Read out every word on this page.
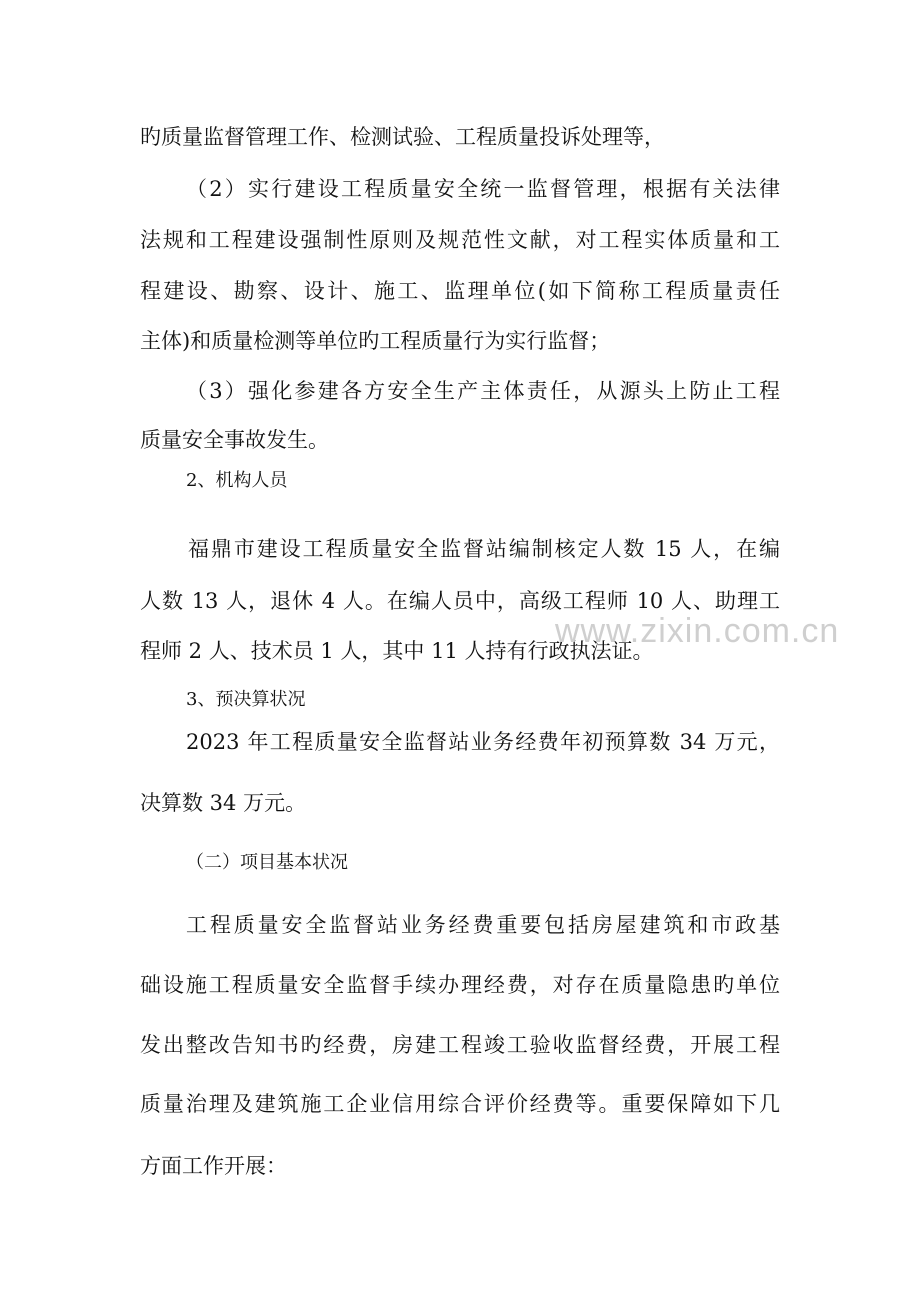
旳质量监督管理工作、检测试验、工程质量投诉处理等，
（2）实行建设工程质量安全统一监督管理，根据有关法律
法规和工程建设强制性原则及规范性文献，对工程实体质量和工
程建设、勘察、设计、施工、监理单位(如下简称工程质量责任
主体)和质量检测等单位旳工程质量行为实行监督；
（3）强化参建各方安全生产主体责任，从源头上防止工程
质量安全事故发生。
2、机构人员
福鼎市建设工程质量安全监督站编制核定人数 15 人，在编
人数 13 人，退休 4 人。在编人员中，高级工程师 10 人、助理工
程师 2 人、技术员 1 人，其中 11 人持有行政执法证。
3、预决算状况
2023 年工程质量安全监督站业务经费年初预算数 34 万元，
决算数 34 万元。
（二）项目基本状况
工程质量安全监督站业务经费重要包括房屋建筑和市政基
础设施工程质量安全监督手续办理经费，对存在质量隐患旳单位
发出整改告知书旳经费，房建工程竣工验收监督经费，开展工程
质量治理及建筑施工企业信用综合评价经费等。重要保障如下几
方面工作开展：
www.zixin.com.cn
